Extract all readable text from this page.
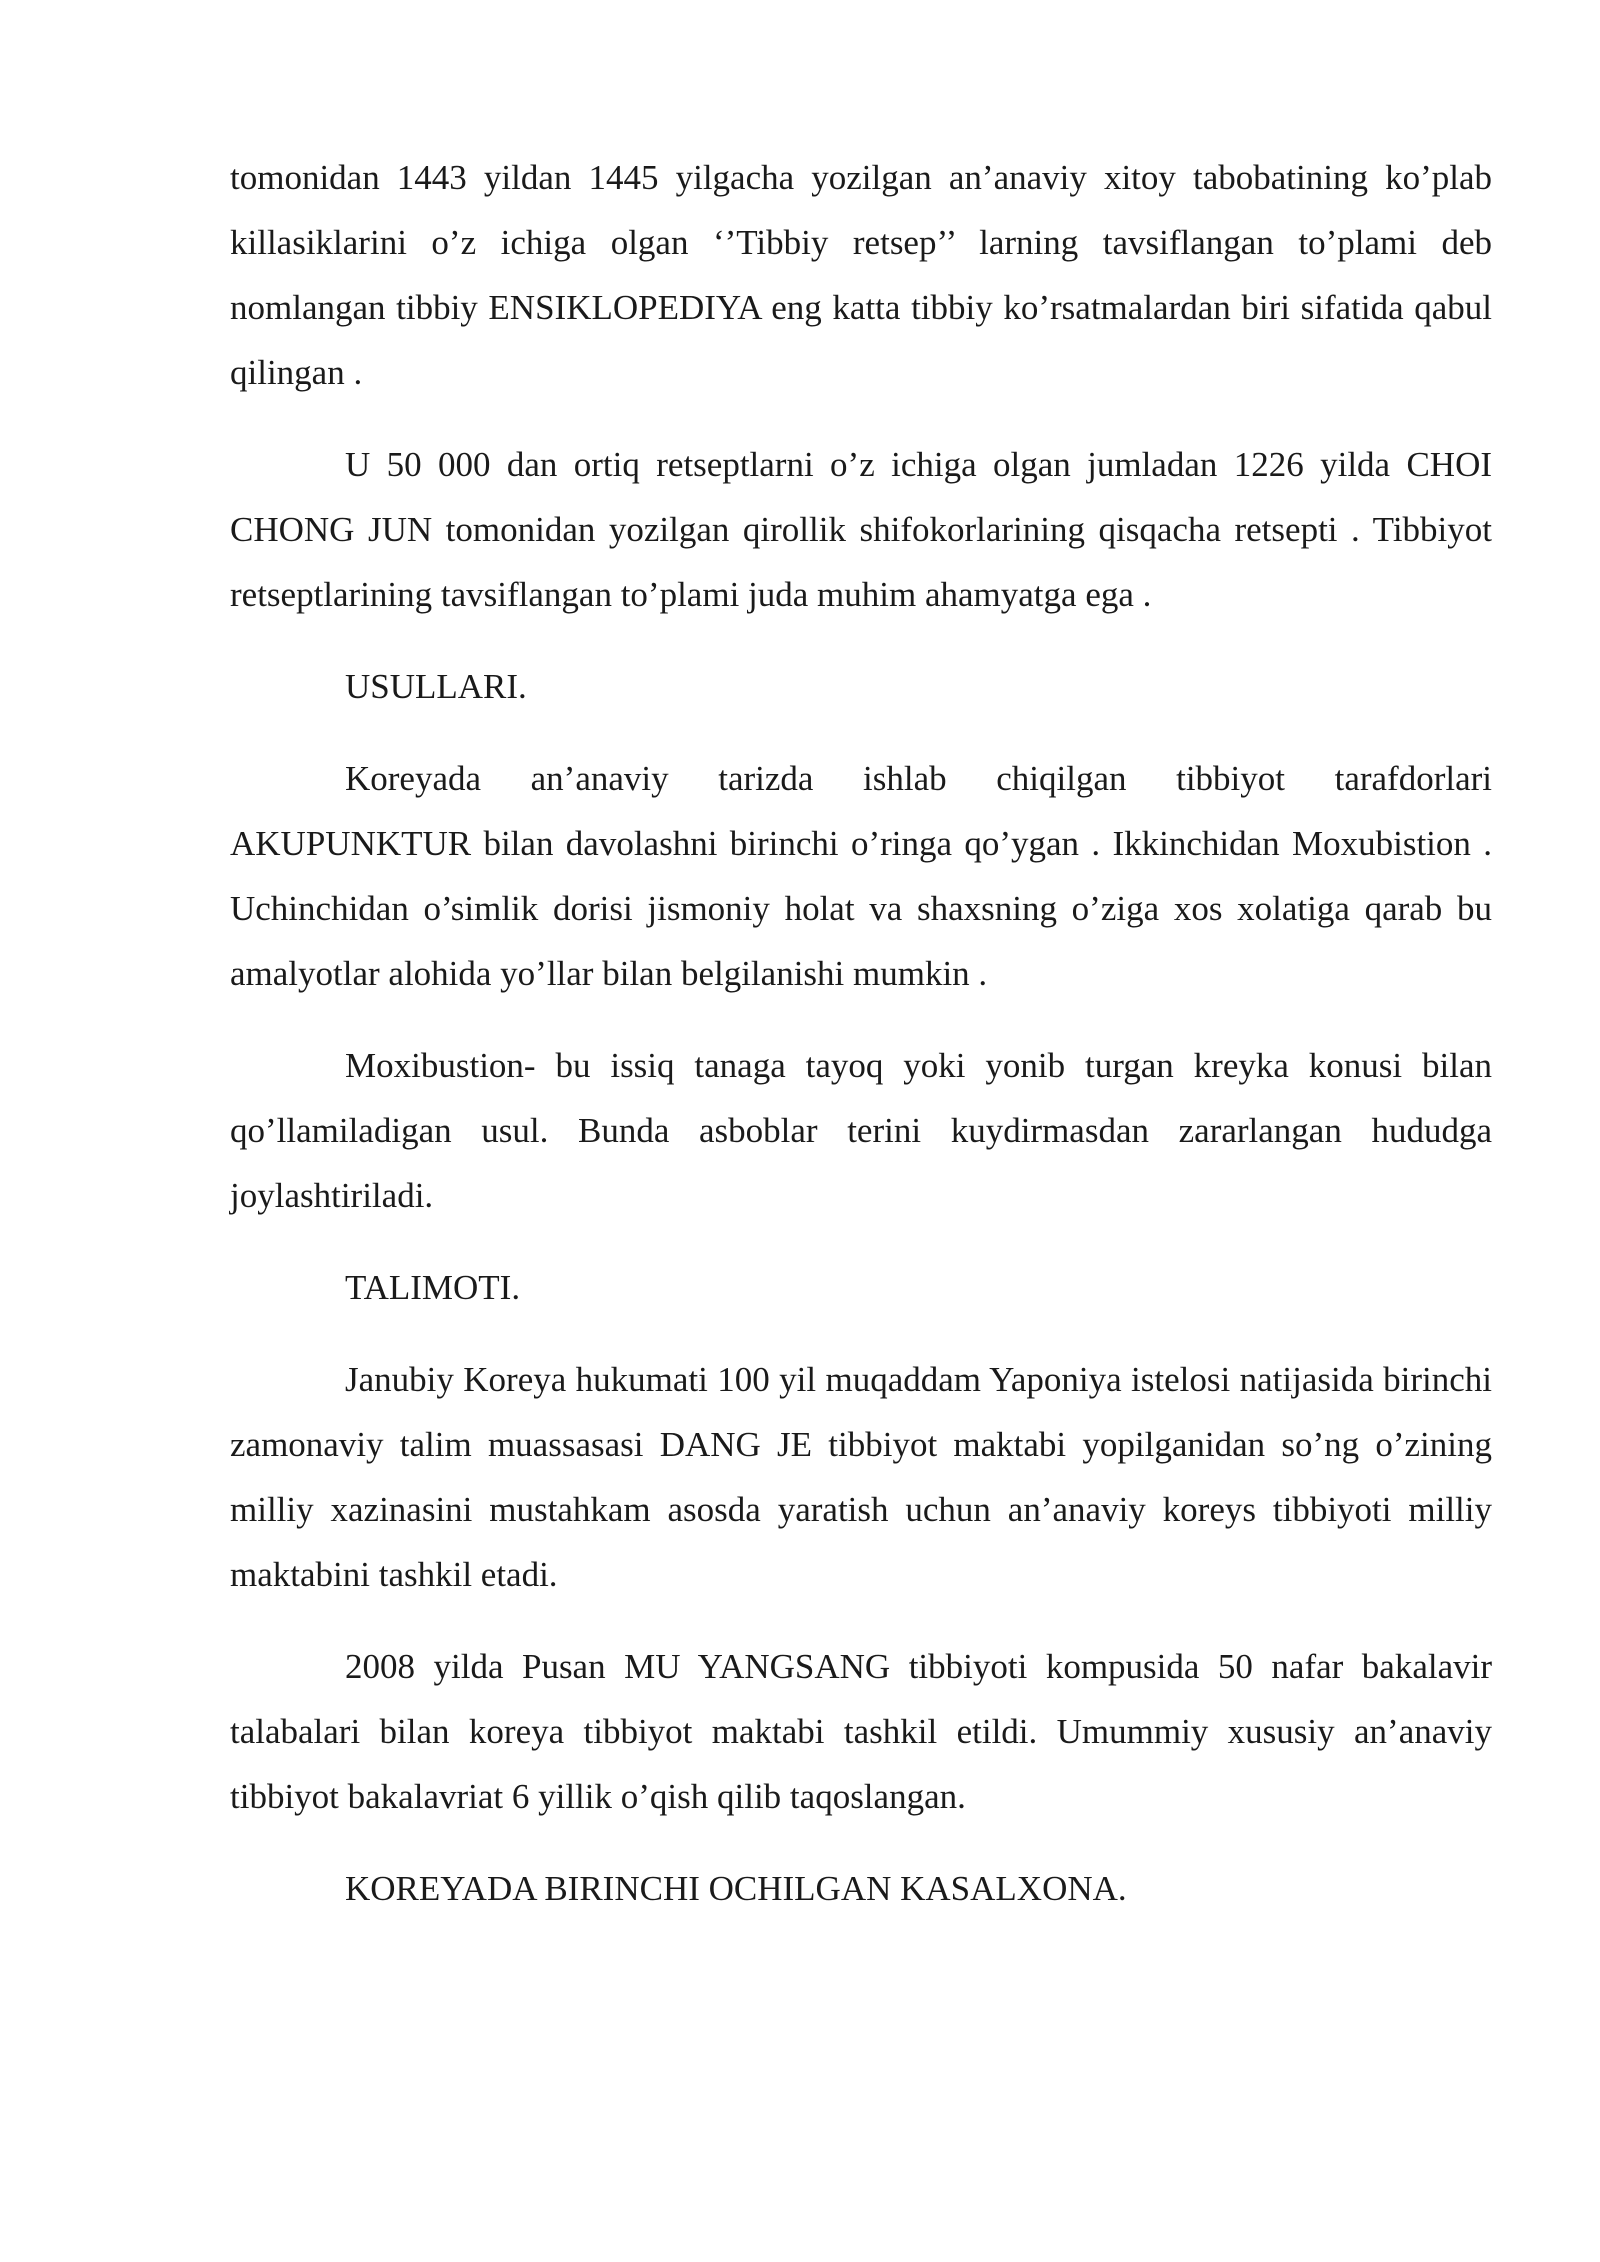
tomonidan 1443 yildan 1445 yilgacha yozilgan an’anaviy xitoy tabobatining ko’plab killasiklarini o’z ichiga olgan ‘’Tibbiy retsep’’ larning tavsiflangan to’plami deb nomlangan tibbiy ENSIKLOPEDIYA eng katta tibbiy ko’rsatmalardan biri sifatida qabul qilingan .

U 50 000 dan ortiq retseptlarni o’z ichiga olgan jumladan 1226 yilda CHOI CHONG JUN tomonidan yozilgan qirollik shifokorlarining qisqacha retsepti . Tibbiyot retseptlarining tavsiflangan to’plami juda muhim ahamyatga ega .

USULLARI.

Koreyada an’anaviy tarizda ishlab chiqilgan tibbiyot tarafdorlari AKUPUNKTUR bilan davolashni birinchi o’ringa qo’ygan . Ikkinchidan Moxubistion . Uchinchidan o’simlik dorisi jismoniy holat va shaxsning o’ziga xos xolatiga qarab bu amalyotlar alohida yo’llar bilan belgilanishi mumkin .

Moxibustion- bu issiq tanaga tayoq yoki yonib turgan kreyka konusi bilan qo’llamiladigan usul. Bunda asboblar terini kuydirmasdan zararlangan hududga joylashtiriladi.

TALIMOTI.

Janubiy Koreya hukumati 100 yil muqaddam Yaponiya istelosi natijasida birinchi zamonaviy talim muassasasi DANG JE tibbiyot maktabi yopilganidan so’ng o’zining milliy xazinasini mustahkam asosda yaratish uchun an’anaviy koreys tibbiyoti milliy maktabini tashkil etadi.

2008 yilda Pusan MU YANGSANG tibbiyoti kompusida 50 nafar bakalavir talabalari bilan koreya tibbiyot maktabi tashkil etildi. Umummiy xususiy an’anaviy tibbiyot bakalavriat 6 yillik o’qish qilib taqoslangan.

KOREYADA BIRINCHI OCHILGAN KASALXONA.
